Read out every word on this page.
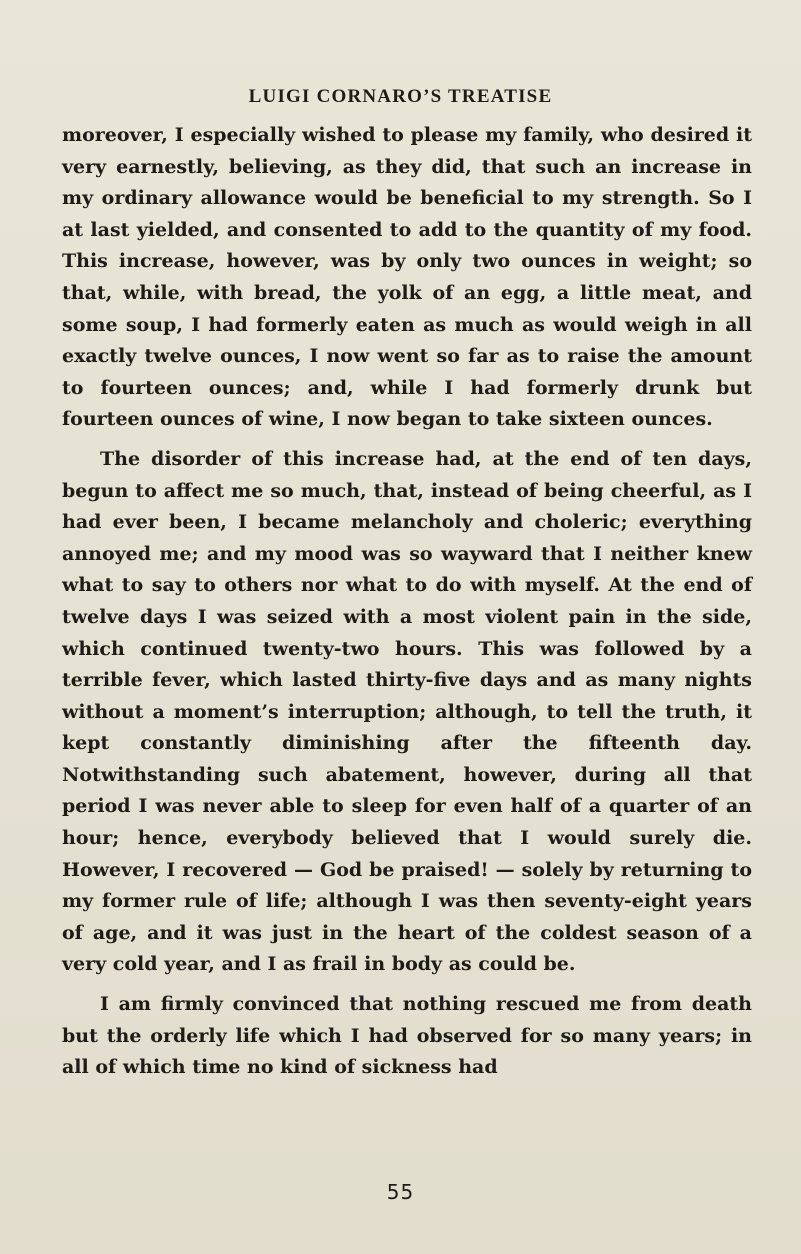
LUIGI CORNARO’S TREATISE

moreover, I especially wished to please my family, who desired it very earnestly, believing, as they did, that such an increase in my ordinary allowance would be beneficial to my strength. So I at last yielded, and consented to add to the quantity of my food. This increase, however, was by only two ounces in weight; so that, while, with bread, the yolk of an egg, a little meat, and some soup, I had formerly eaten as much as would weigh in all exactly twelve ounces, I now went so far as to raise the amount to fourteen ounces; and, while I had formerly drunk but fourteen ounces of wine, I now began to take sixteen ounces.

The disorder of this increase had, at the end of ten days, begun to affect me so much, that, instead of being cheerful, as I had ever been, I became melancholy and choleric; everything annoyed me; and my mood was so wayward that I neither knew what to say to others nor what to do with myself. At the end of twelve days I was seized with a most violent pain in the side, which continued twenty-two hours. This was followed by a terrible fever, which lasted thirty-five days and as many nights without a moment’s interruption; although, to tell the truth, it kept constantly diminishing after the fifteenth day. Notwithstanding such abatement, however, during all that period I was never able to sleep for even half of a quarter of an hour; hence, everybody believed that I would surely die. However, I recovered — God be praised! — solely by returning to my former rule of life; although I was then seventy-eight years of age, and it was just in the heart of the coldest season of a very cold year, and I as frail in body as could be.

I am firmly convinced that nothing rescued me from death but the orderly life which I had observed for so many years; in all of which time no kind of sickness had

55
